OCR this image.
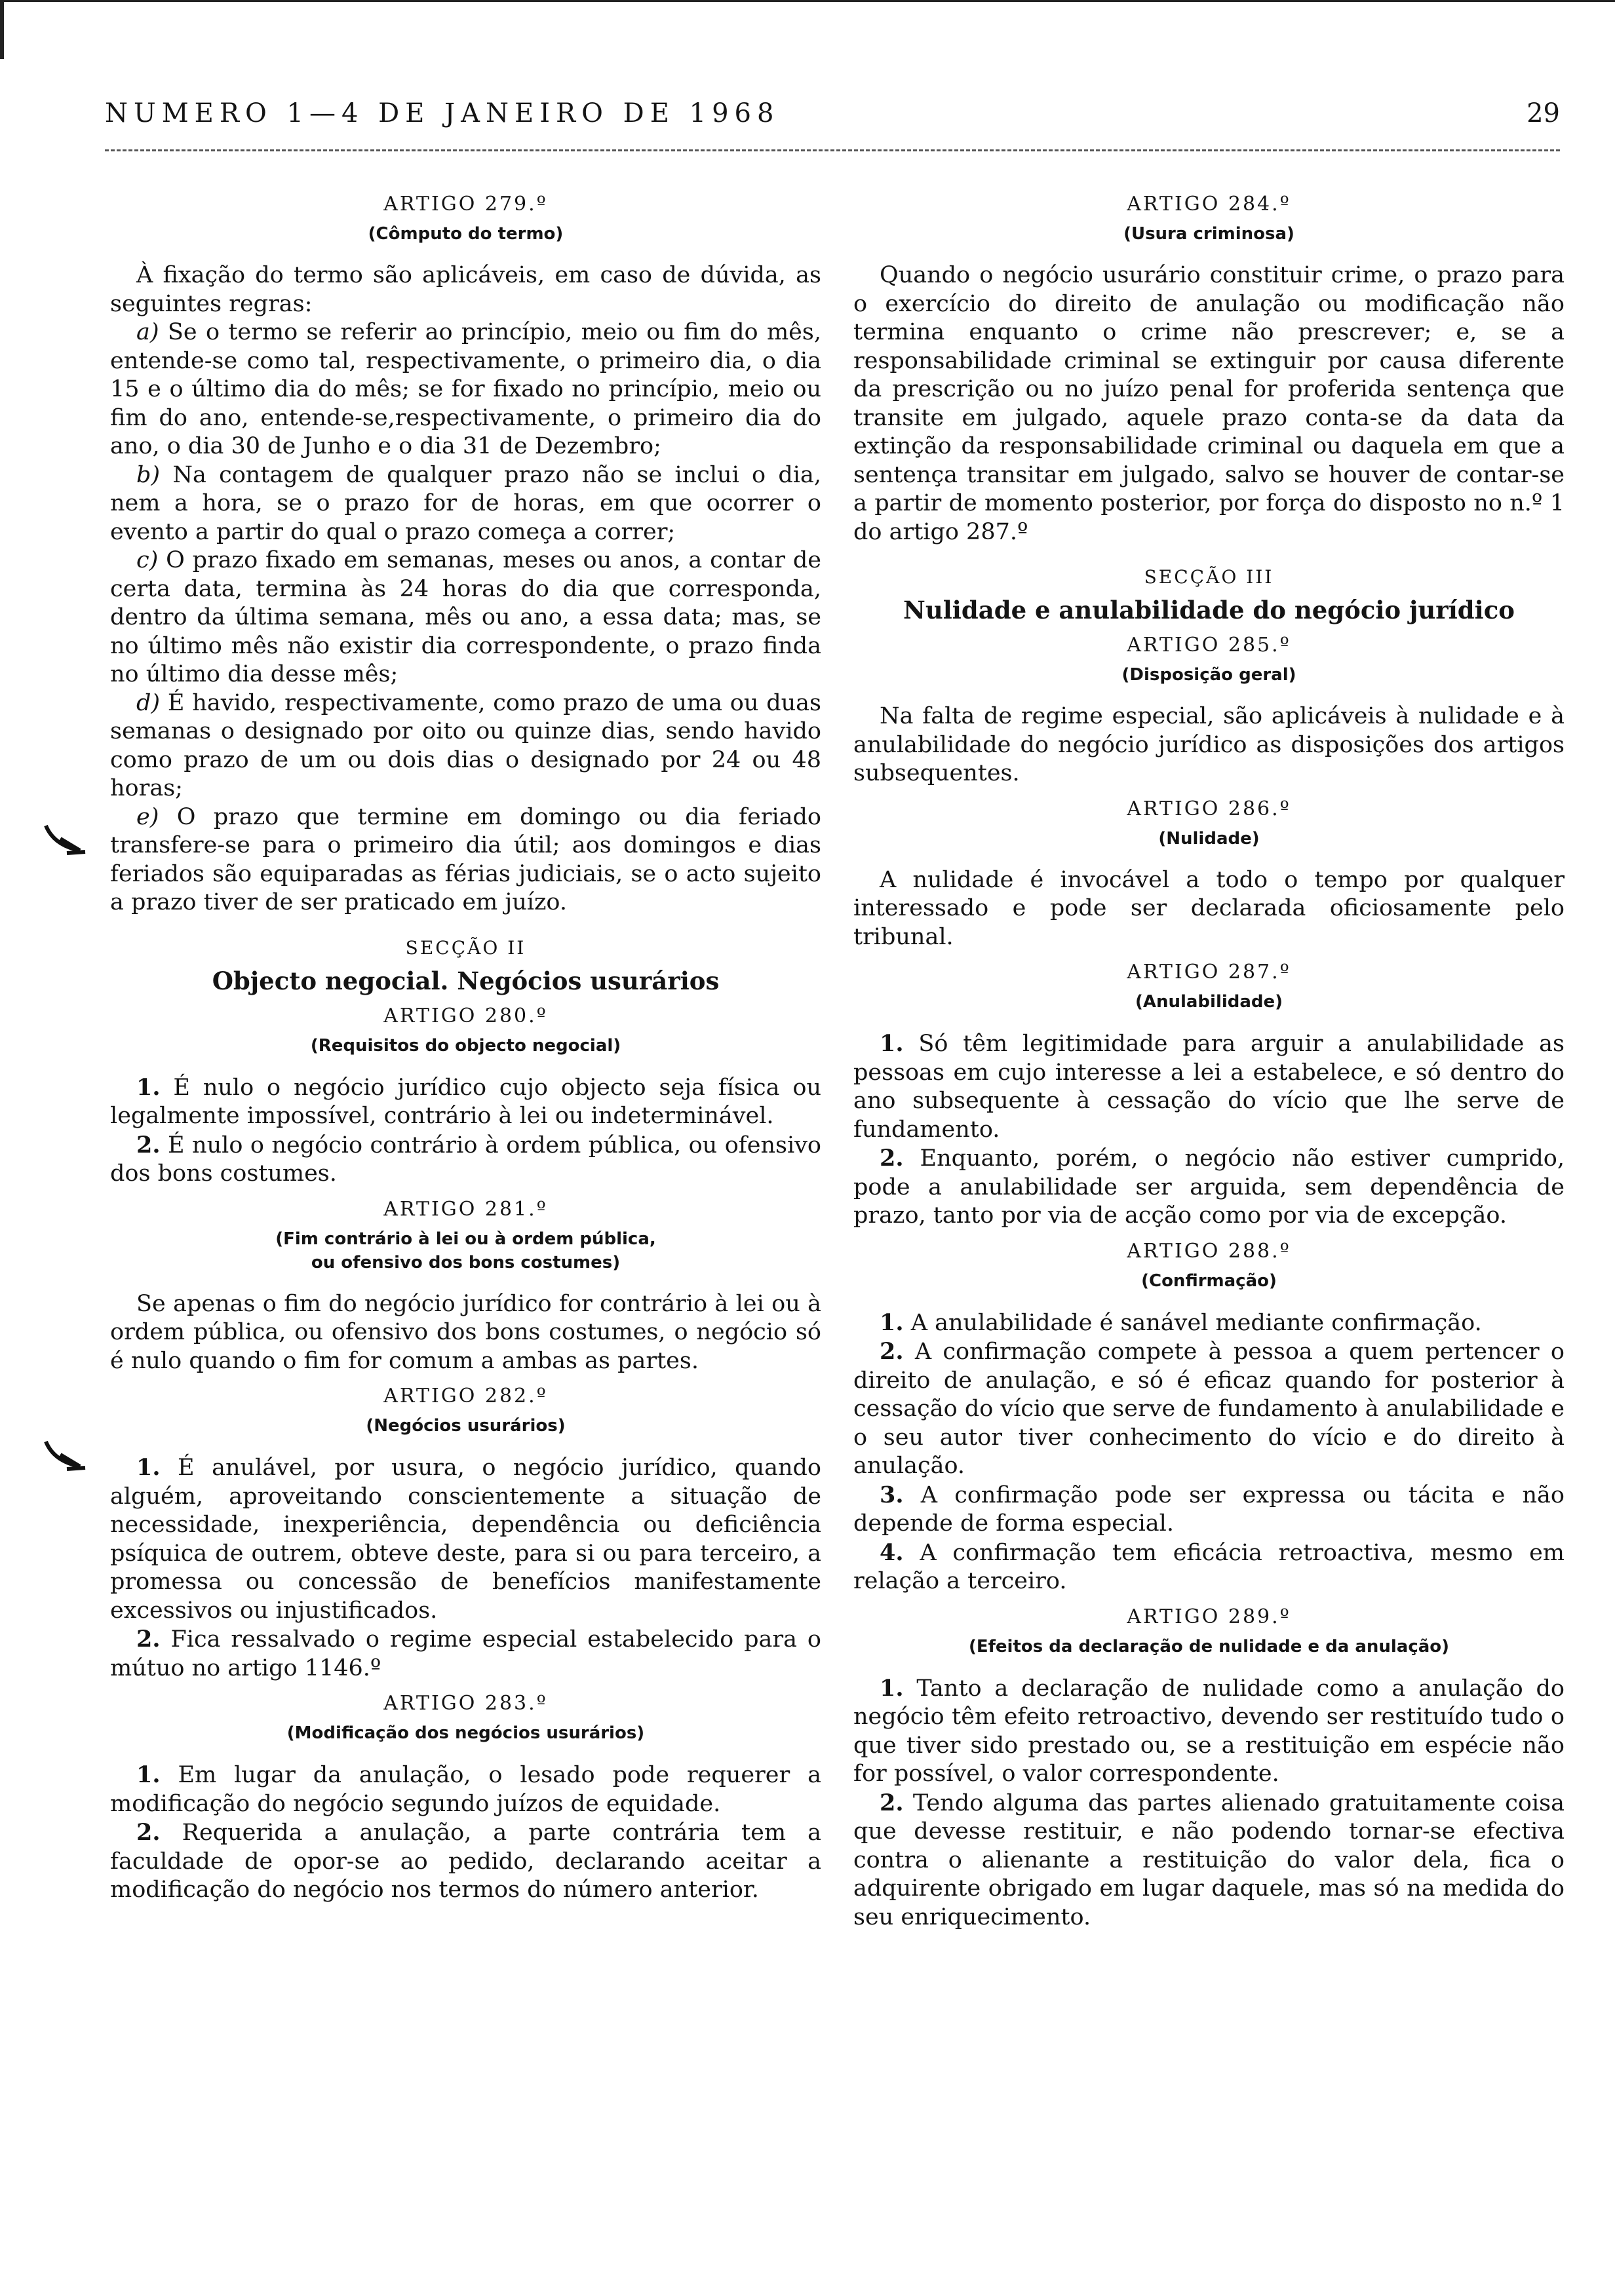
NUMERO 1—4 DE JANEIRO DE 1968	29
ARTIGO 279.º
(Cômputo do termo)

À fixação do termo são aplicáveis, em caso de dúvida, as seguintes regras:

a) Se o termo se referir ao princípio, meio ou fim do mês, entende-se como tal, respectivamente, o primeiro dia, o dia 15 e o último dia do mês; se for fixado no princípio, meio ou fim do ano, entende-se,respectivamente, o primeiro dia do ano, o dia 30 de Junho e o dia 31 de Dezembro;

b) Na contagem de qualquer prazo não se inclui o dia, nem a hora, se o prazo for de horas, em que ocorrer o evento a partir do qual o prazo começa a correr;

c) O prazo fixado em semanas, meses ou anos, a contar de certa data, termina às 24 horas do dia que corresponda, dentro da última semana, mês ou ano, a essa data; mas, se no último mês não existir dia correspondente, o prazo finda no último dia desse mês;

d) É havido, respectivamente, como prazo de uma ou duas semanas o designado por oito ou quinze dias, sendo havido como prazo de um ou dois dias o designado por 24 ou 48 horas;

e) O prazo que termine em domingo ou dia feriado transfere-se para o primeiro dia útil; aos domingos e dias feriados são equiparadas as férias judiciais, se o acto sujeito a prazo tiver de ser praticado em juízo.

SECÇÃO II
Objecto negocial. Negócios usurários
ARTIGO 280.º
(Requisitos do objecto negocial)

1. É nulo o negócio jurídico cujo objecto seja física ou legalmente impossível, contrário à lei ou indeterminável.

2. É nulo o negócio contrário à ordem pública, ou ofensivo dos bons costumes.

ARTIGO 281.º
(Fim contrário à lei ou à ordem pública,
ou ofensivo dos bons costumes)

Se apenas o fim do negócio jurídico for contrário à lei ou à ordem pública, ou ofensivo dos bons costumes, o negócio só é nulo quando o fim for comum a ambas as partes.

ARTIGO 282.º
(Negócios usurários)

1. É anulável, por usura, o negócio jurídico, quando alguém, aproveitando conscientemente a situação de necessidade, inexperiência, dependência ou deficiência psíquica de outrem, obteve deste, para si ou para terceiro, a promessa ou concessão de benefícios manifestamente excessivos ou injustificados.

2. Fica ressalvado o regime especial estabelecido para o mútuo no artigo 1146.º

ARTIGO 283.º
(Modificação dos negócios usurários)

1. Em lugar da anulação, o lesado pode requerer a modificação do negócio segundo juízos de equidade.

2. Requerida a anulação, a parte contrária tem a faculdade de opor-se ao pedido, declarando aceitar a modificação do negócio nos termos do número anterior.

ARTIGO 284.º
(Usura criminosa)

Quando o negócio usurário constituir crime, o prazo para o exercício do direito de anulação ou modificação não termina enquanto o crime não prescrever; e, se a responsabilidade criminal se extinguir por causa diferente da prescrição ou no juízo penal for proferida sentença que transite em julgado, aquele prazo conta-se da data da extinção da responsabilidade criminal ou daquela em que a sentença transitar em julgado, salvo se houver de contar-se a partir de momento posterior, por força do disposto no n.º 1 do artigo 287.º

SECÇÃO III
Nulidade e anulabilidade do negócio jurídico
ARTIGO 285.º
(Disposição geral)

Na falta de regime especial, são aplicáveis à nulidade e à anulabilidade do negócio jurídico as disposições dos artigos subsequentes.

ARTIGO 286.º
(Nulidade)

A nulidade é invocável a todo o tempo por qualquer interessado e pode ser declarada oficiosamente pelo tribunal.

ARTIGO 287.º
(Anulabilidade)

1. Só têm legitimidade para arguir a anulabilidade as pessoas em cujo interesse a lei a estabelece, e só dentro do ano subsequente à cessação do vício que lhe serve de fundamento.

2. Enquanto, porém, o negócio não estiver cumprido, pode a anulabilidade ser arguida, sem dependência de prazo, tanto por via de acção como por via de excepção.

ARTIGO 288.º
(Confirmação)

1. A anulabilidade é sanável mediante confirmação.

2. A confirmação compete à pessoa a quem pertencer o direito de anulação, e só é eficaz quando for posterior à cessação do vício que serve de fundamento à anulabilidade e o seu autor tiver conhecimento do vício e do direito à anulação.

3. A confirmação pode ser expressa ou tácita e não depende de forma especial.

4. A confirmação tem eficácia retroactiva, mesmo em relação a terceiro.

ARTIGO 289.º
(Efeitos da declaração de nulidade e da anulação)

1. Tanto a declaração de nulidade como a anulação do negócio têm efeito retroactivo, devendo ser restituído tudo o que tiver sido prestado ou, se a restituição em espécie não for possível, o valor correspondente.

2. Tendo alguma das partes alienado gratuitamente coisa que devesse restituir, e não podendo tornar-se efectiva contra o alienante a restituição do valor dela, fica o adquirente obrigado em lugar daquele, mas só na medida do seu enriquecimento.
